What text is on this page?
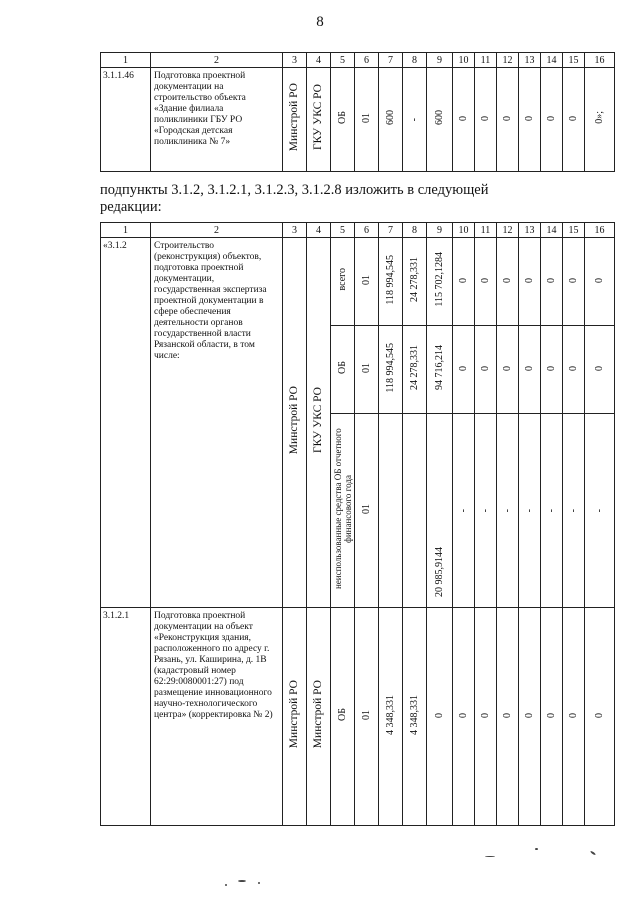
8
1	2	3	4	5	6	7	8	9	10	11	12	13	14	15	16
3.1.1.46	Подготовка проектной документации на строительство объекта «Здание филиала поликлиники ГБУ РО «Городская детская поликлиника № 7»	Минстрой РО	ГКУ УКС РО	ОБ	01	600	-	600	0	0	0	0	0	0	0»;
подпункты 3.1.2, 3.1.2.1, 3.1.2.3, 3.1.2.8 изложить в следующей
редакции:
1	2	3	4	5	6	7	8	9	10	11	12	13	14	15	16
«3.1.2	Строительство (реконструкция) объектов, подготовка проектной документации, государственная экспертиза проектной документации в сфере обеспечения деятельности органов государственной власти Рязанской области, в том числе:	Минстрой РО	ГКУ УКС РО	всего	01	118 994,545	24 278,331	115 702,1284	0	0	0	0	0	0	0
				ОБ	01	118 994,545	24 278,331	94 716,214	0	0	0	0	0	0	0
				неиспользованные средства ОБ отчетного финансового года	01			20 985,9144	-	-	-	-	-	-	-
3.1.2.1	Подготовка проектной документации на объект «Реконструкция здания, расположенного по адресу г. Рязань, ул. Каширина, д. 1В (кадастровый номер 62:29:0080001:27) под размещение инновационного научно-технологического центра» (корректировка № 2)	Минстрой РО	Минстрой РО	ОБ	01	4 348,331	4 348,331	0	0	0	0	0	0	0	0
